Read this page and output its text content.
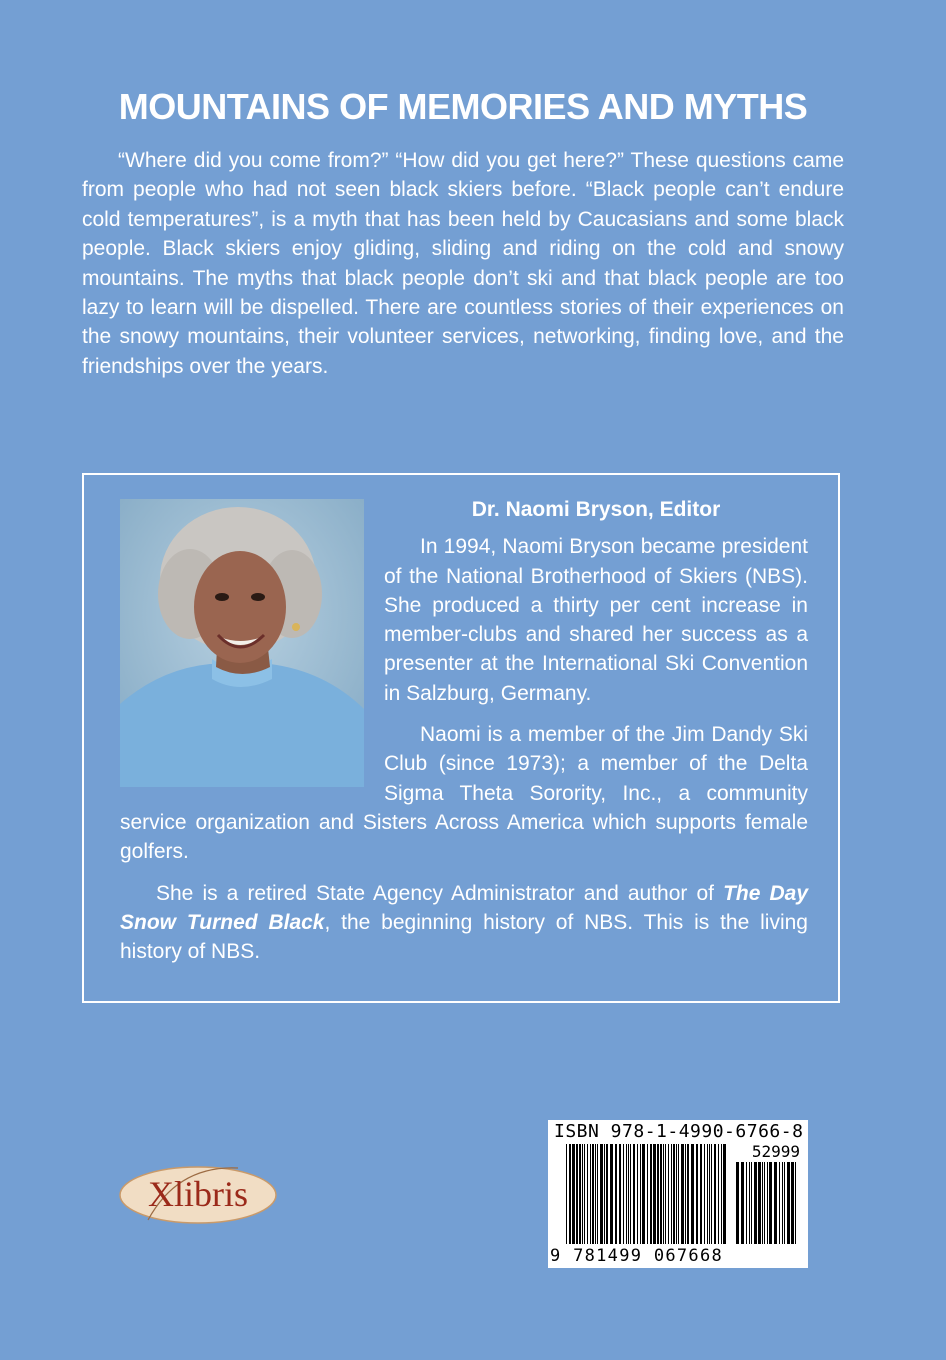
MOUNTAINS OF MEMORIES AND MYTHS

“Where did you come from?” “How did you get here?” These questions came from people who had not seen black skiers before. “Black people can’t endure cold temperatures”, is a myth that has been held by Caucasians and some black people. Black skiers enjoy gliding, sliding and riding on the cold and snowy mountains. The myths that black people don’t ski and that black people are too lazy to learn will be dispelled. There are countless stories of their experiences on the snowy mountains, their volunteer services, networking, finding love, and the friendships over the years.

Dr. Naomi Bryson, Editor

In 1994, Naomi Bryson became president of the National Brotherhood of Skiers (NBS). She produced a thirty per cent increase in member-clubs and shared her success as a presenter at the International Ski Convention in Salzburg, Germany.

Naomi is a member of the Jim Dandy Ski Club (since 1973); a member of the Delta Sigma Theta Sorority, Inc., a community service organization and Sisters Across America which supports female golfers.

She is a retired State Agency Administrator and author of The Day Snow Turned Black, the beginning history of NBS. This is the living history of NBS.

Xlibris
ISBN 978-1-4990-6766-8
52999
9 781499 067668
